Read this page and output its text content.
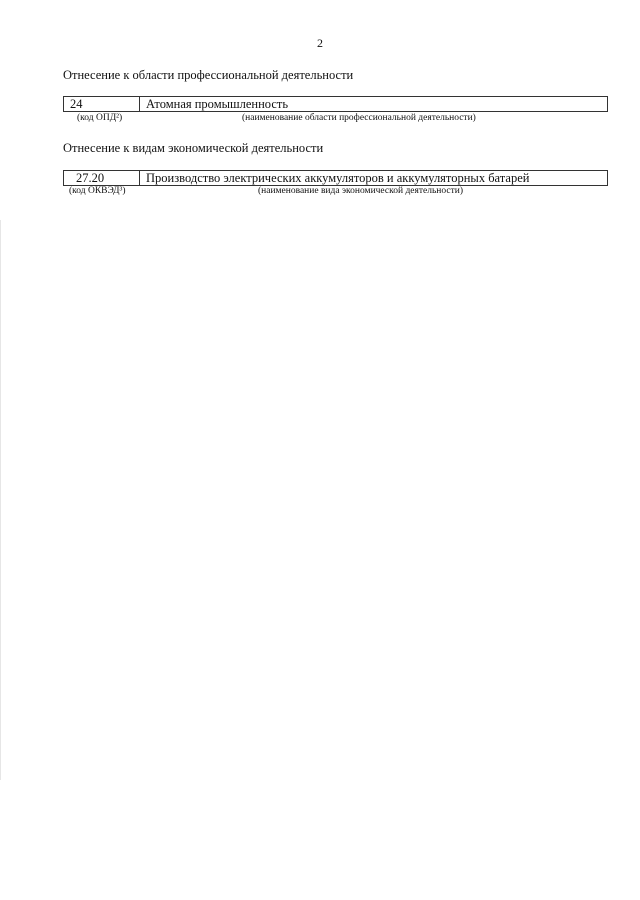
2
Отнесение к области профессиональной деятельности
24	Атомная промышленность
(код ОПД²)	(наименование области профессиональной деятельности)
Отнесение к видам экономической деятельности
27.20	Производство электрических аккумуляторов и аккумуляторных батарей
(код ОКВЭД³)	(наименование вида экономической деятельности)
